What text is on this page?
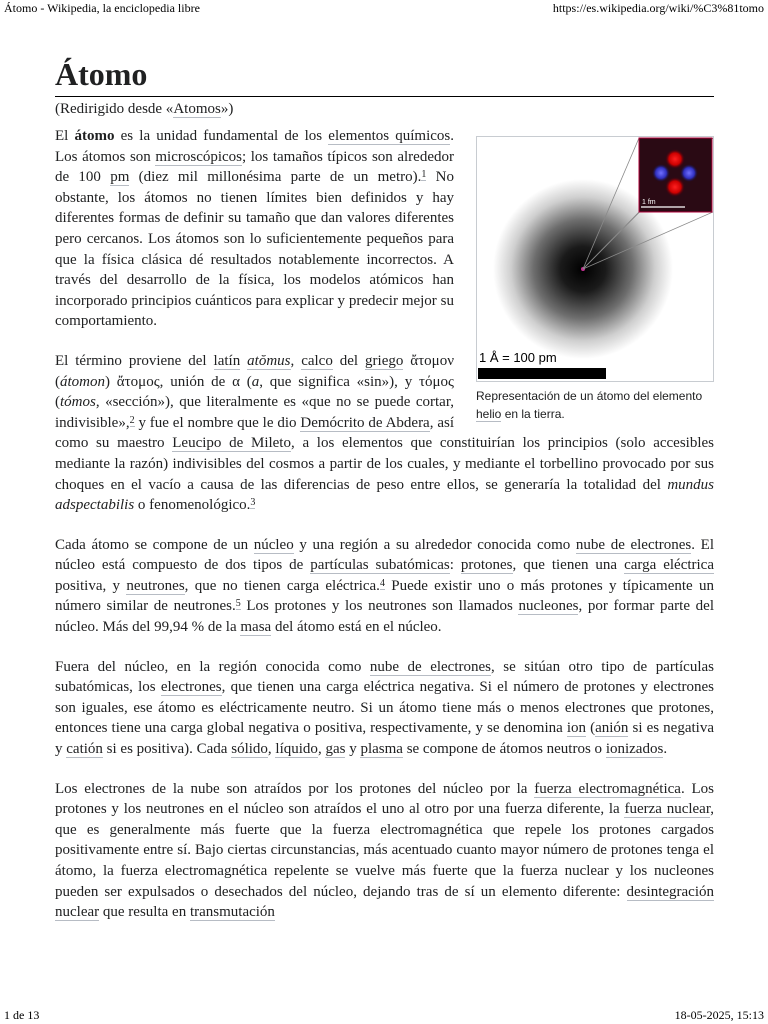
Átomo - Wikipedia, la enciclopedia libre	https://es.wikipedia.org/wiki/%C3%81tomo
Átomo
(Redirigido desde «Atomos»)
1 fm
1 Å = 100 pm
Representación de un átomo del elemento helio en la tierra.

El átomo es la unidad fundamental de los elementos químicos. Los átomos son microscópicos; los tamaños típicos son alrededor de 100 pm (diez mil millonésima parte de un metro).$^1$ No obstante, los átomos no tienen límites bien definidos y hay diferentes formas de definir su tamaño que dan valores diferentes pero cercanos. Los átomos son lo suficientemente pequeños para que la física clásica dé resultados notablemente incorrectos. A través del desarrollo de la física, los modelos atómicos han incorporado principios cuánticos para explicar y predecir mejor su comportamiento.

El término proviene del latín atŏmus, calco del griego ἄτομον (átomon) ἄτομος, unión de α (a, que significa «sin»), y τόμος (tómos, «sección»), que literalmente es «que no se puede cortar, indivisible»,$^2$ y fue el nombre que le dio Demócrito de Abdera, así como su maestro Leucipo de Mileto, a los elementos que constituirían los principios (solo accesibles mediante la razón) indivisibles del cosmos a partir de los cuales, y mediante el torbellino provocado por sus choques en el vacío a causa de las diferencias de peso entre ellos, se generaría la totalidad del mundus adspectabilis o fenomenológico.$^3$

Cada átomo se compone de un núcleo y una región a su alrededor conocida como nube de electrones. El núcleo está compuesto de dos tipos de partículas subatómicas: protones, que tienen una carga eléctrica positiva, y neutrones, que no tienen carga eléctrica.$^4$ Puede existir uno o más protones y típicamente un número similar de neutrones.$^5$ Los protones y los neutrones son llamados nucleones, por formar parte del núcleo. Más del 99,94 % de la masa del átomo está en el núcleo.

Fuera del núcleo, en la región conocida como nube de electrones, se sitúan otro tipo de partículas subatómicas, los electrones, que tienen una carga eléctrica negativa. Si el número de protones y electrones son iguales, ese átomo es eléctricamente neutro. Si un átomo tiene más o menos electrones que protones, entonces tiene una carga global negativa o positiva, respectivamente, y se denomina ion (anión si es negativa y catión si es positiva). Cada sólido, líquido, gas y plasma se compone de átomos neutros o ionizados.

Los electrones de la nube son atraídos por los protones del núcleo por la fuerza electromagnética. Los protones y los neutrones en el núcleo son atraídos el uno al otro por una fuerza diferente, la fuerza nuclear, que es generalmente más fuerte que la fuerza electromagnética que repele los protones cargados positivamente entre sí. Bajo ciertas circunstancias, más acentuado cuanto mayor número de protones tenga el átomo, la fuerza electromagnética repelente se vuelve más fuerte que la fuerza nuclear y los nucleones pueden ser expulsados o desechados del núcleo, dejando tras de sí un elemento diferente: desintegración nuclear que resulta en transmutación

1 de 13	18-05-2025, 15:13
